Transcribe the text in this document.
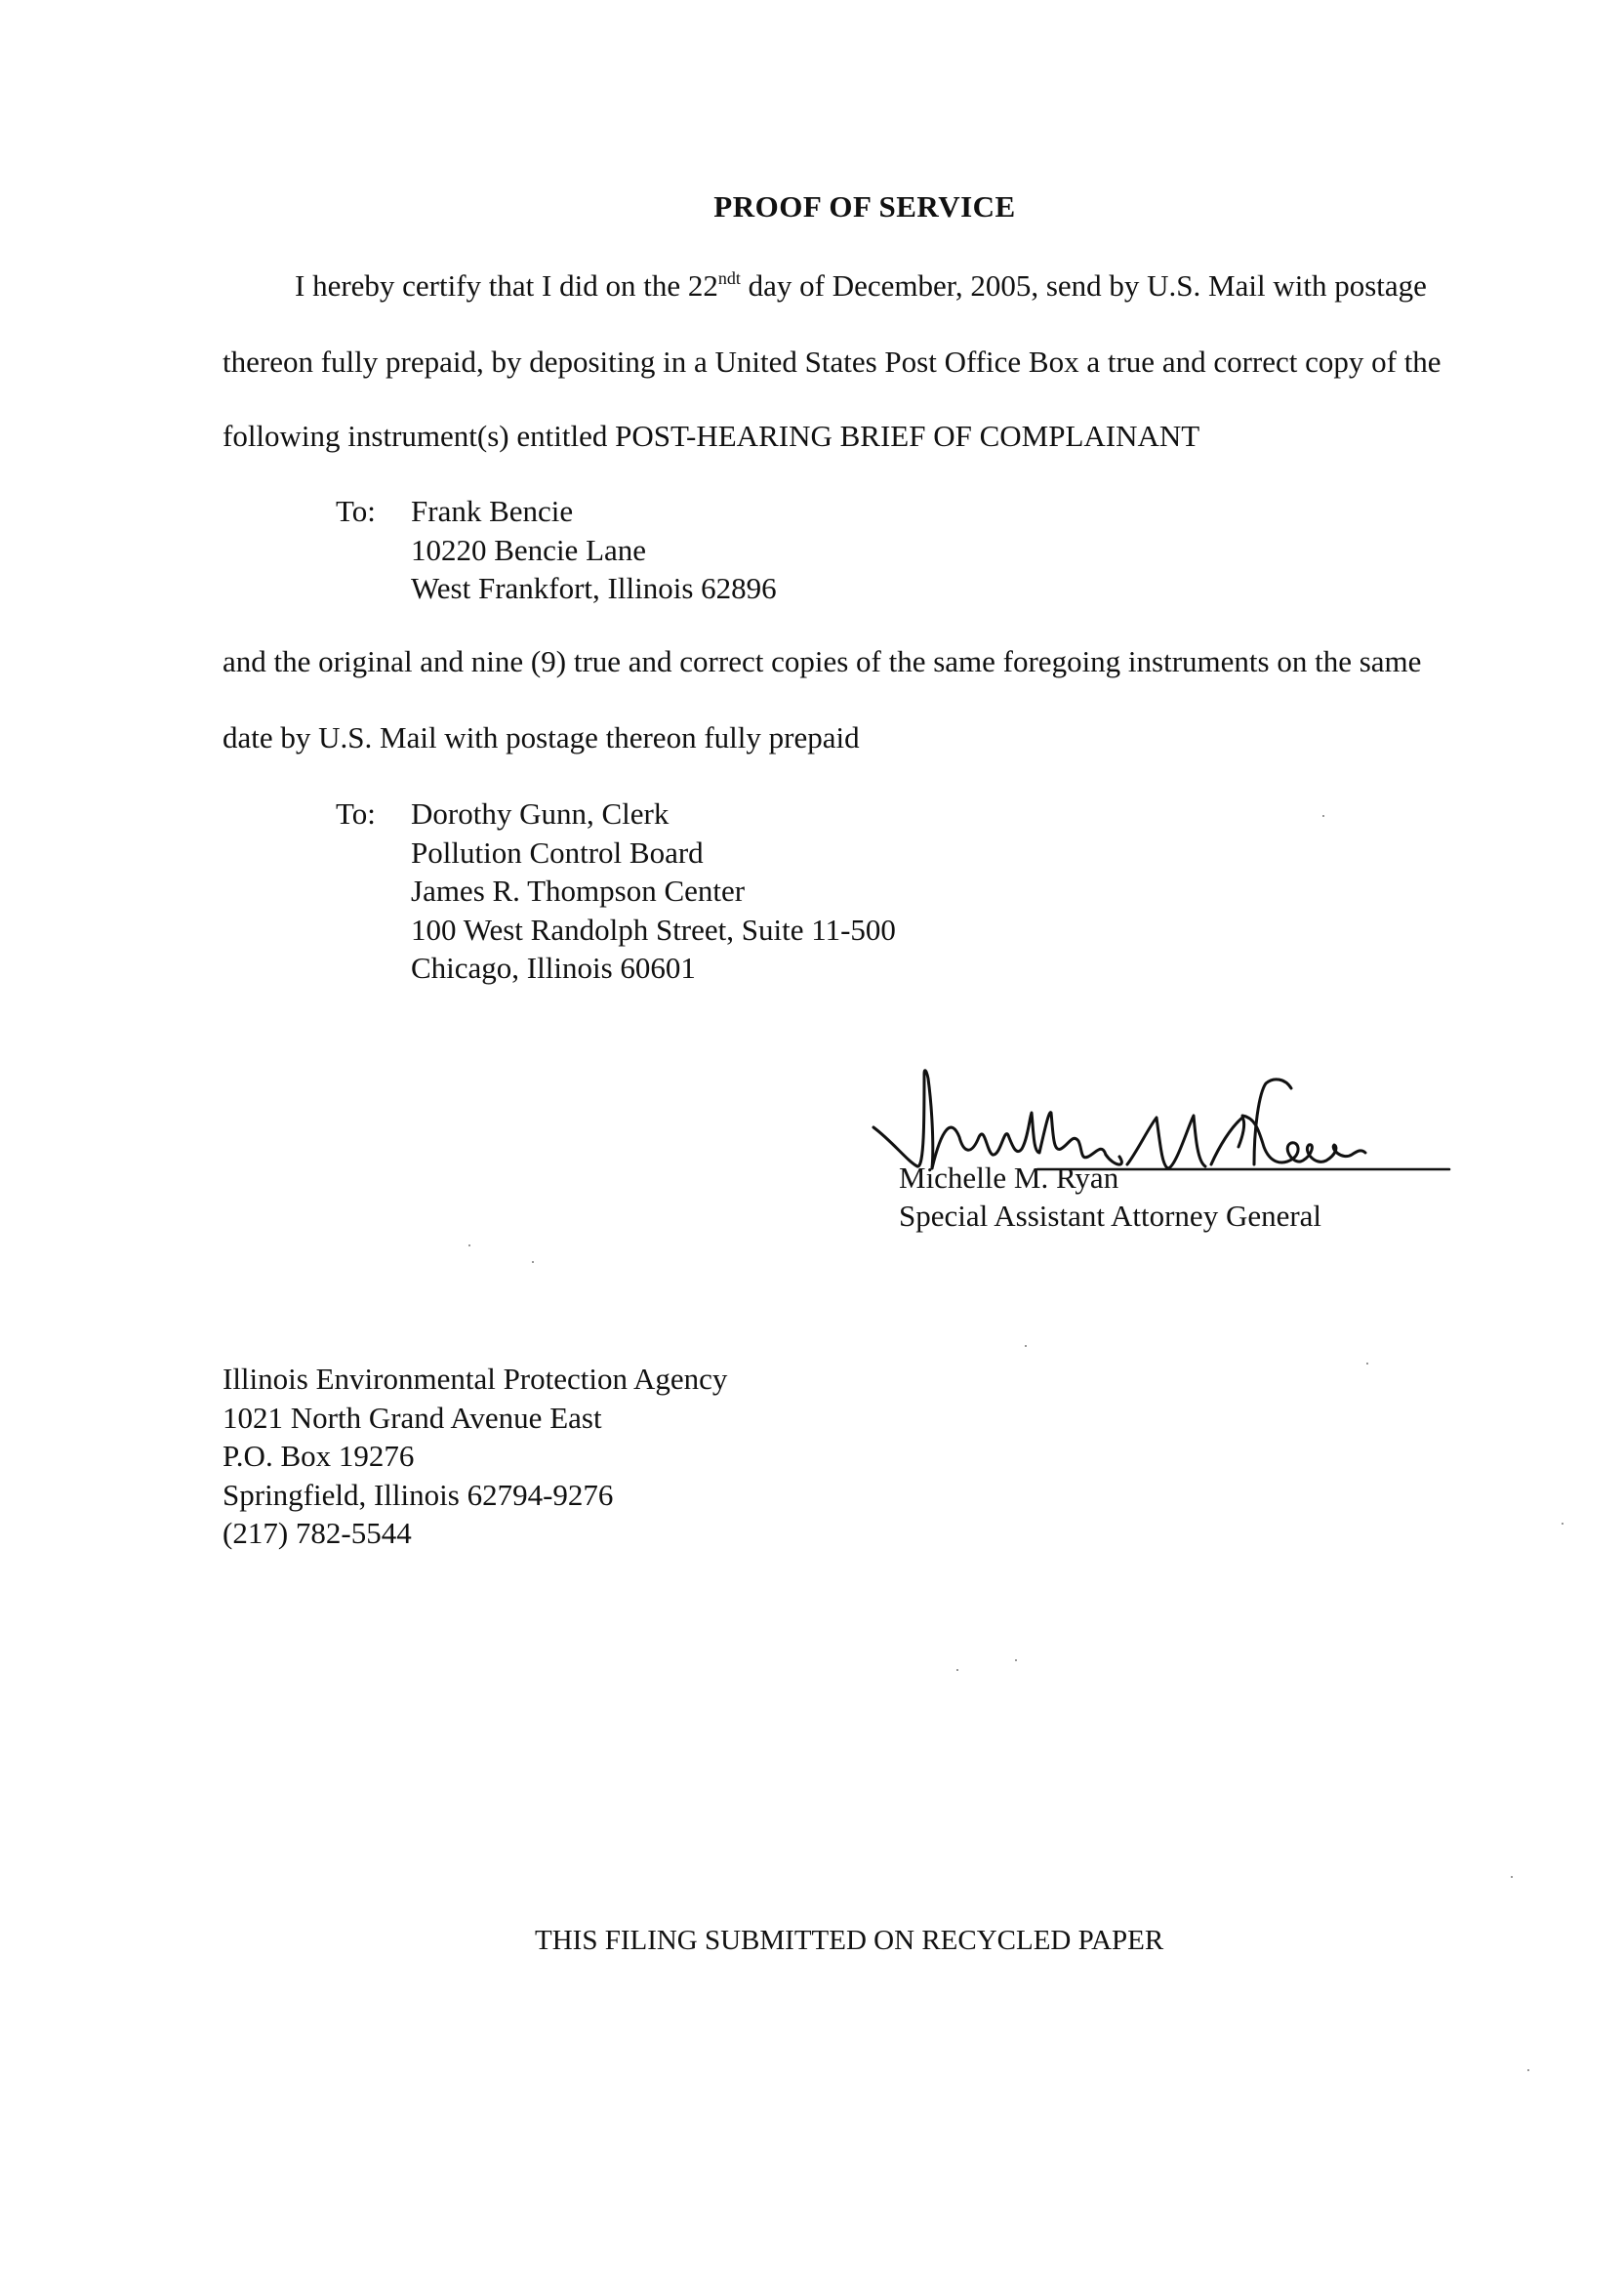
PROOF OF SERVICE
I hereby certify that I did on the $22^{ndt}$ day of December, 2005, send by U.S. Mail with postage
thereon fully prepaid, by depositing in a United States Post Office Box a true and correct copy of the
following instrument(s) entitled POST-HEARING BRIEF OF COMPLAINANT
To: Frank Bencie
10220 Bencie Lane
West Frankfort, Illinois 62896
and the original and nine (9) true and correct copies of the same foregoing instruments on the same
date by U.S. Mail with postage thereon fully prepaid
To: Dorothy Gunn, Clerk
Pollution Control Board
James R. Thompson Center
100 West Randolph Street, Suite 11-500
Chicago, Illinois 60601
Michelle M. Ryan
Special Assistant Attorney General
Illinois Environmental Protection Agency
1021 North Grand Avenue East
P.O. Box 19276
Springfield, Illinois 62794-9276
(217) 782-5544
THIS FILING SUBMITTED ON RECYCLED PAPER
